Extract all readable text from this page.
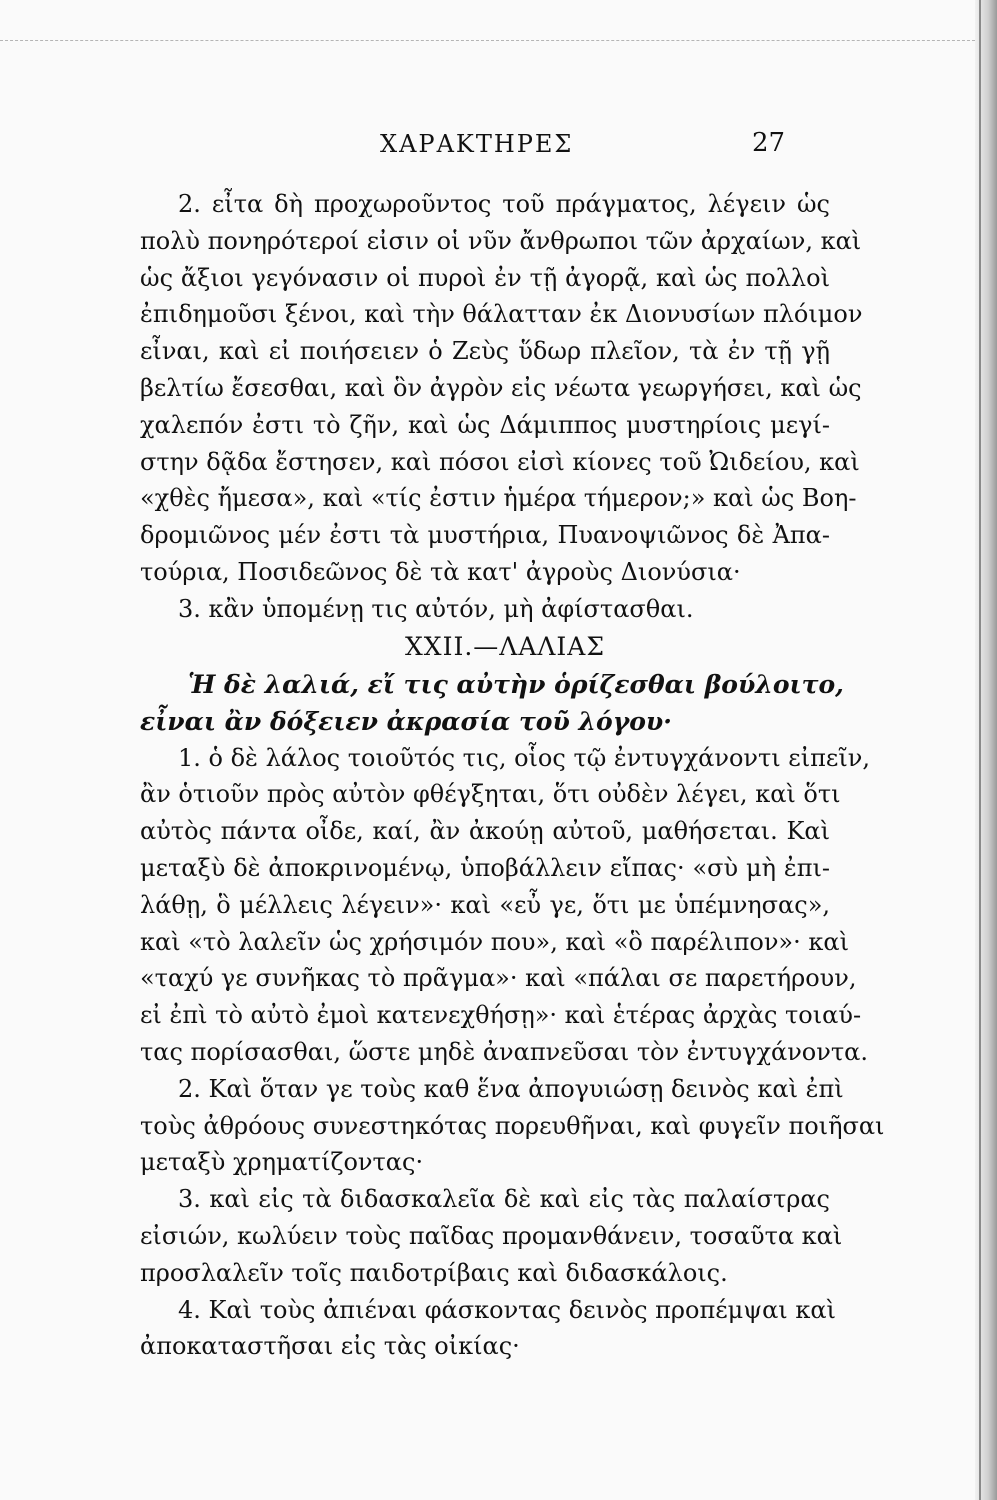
ΧΑΡΑΚΤΗΡΕΣ	27
2. εἶτα δὴ προχωροῦντος τοῦ πράγματος, λέγειν ὡς
πολὺ πονηρότεροί εἰσιν οἱ νῦν ἄνθρωποι τῶν ἀρχαίων, καὶ
ὡς ἄξιοι γεγόνασιν οἱ πυροὶ ἐν τῇ ἀγορᾷ, καὶ ὡς πολλοὶ
ἐπιδημοῦσι ξένοι, καὶ τὴν θάλατταν ἐκ Διονυσίων πλόιμον
εἶναι, καὶ εἰ ποιήσειεν ὁ Ζεὺς ὕδωρ πλεῖον, τὰ ἐν τῇ γῇ
βελτίω ἔσεσθαι, καὶ ὃν ἀγρὸν εἰς νέωτα γεωργήσει, καὶ ὡς
χαλεπόν ἐστι τὸ ζῆν, καὶ ὡς Δάμιππος μυστηρίοις μεγί-
στην δᾷδα ἔστησεν, καὶ πόσοι εἰσὶ κίονες τοῦ Ὠιδείου, καὶ
«χθὲς ἤμεσα», καὶ «τίς ἐστιν ἡμέρα τήμερον;» καὶ ὡς Βοη-
δρομιῶνος μέν ἐστι τὰ μυστήρια, Πυανοψιῶνος δὲ Ἀπα-
τούρια, Ποσιδεῶνος δὲ τὰ κατ' ἀγροὺς Διονύσια·
3. κἂν ὑπομένῃ τις αὐτόν, μὴ ἀφίστασθαι.
XXII.—ΛΑΛΙΑΣ
Ἡ δὲ λαλιά, εἴ τις αὐτὴν ὁρίζεσθαι βούλοιτο,
εἶναι ἂν δόξειεν ἀκρασία τοῦ λόγου·
1. ὁ δὲ λάλος τοιοῦτός τις, οἷος τῷ ἐντυγχάνοντι εἰπεῖν,
ἂν ὁτιοῦν πρὸς αὐτὸν φθέγξηται, ὅτι οὐδὲν λέγει, καὶ ὅτι
αὐτὸς πάντα οἶδε, καί, ἂν ἀκούῃ αὐτοῦ, μαθήσεται. Καὶ
μεταξὺ δὲ ἀποκρινομένῳ, ὑποβάλλειν εἴπας· «σὺ μὴ ἐπι-
λάθῃ, ὃ μέλλεις λέγειν»· καὶ «εὖ γε, ὅτι με ὑπέμνησας»,
καὶ «τὸ λαλεῖν ὡς χρήσιμόν που», καὶ «ὃ παρέλιπον»· καὶ
«ταχύ γε συνῆκας τὸ πρᾶγμα»· καὶ «πάλαι σε παρετήρουν,
εἰ ἐπὶ τὸ αὐτὸ ἐμοὶ κατενεχθήσῃ»· καὶ ἑτέρας ἀρχὰς τοιαύ-
τας πορίσασθαι, ὥστε μηδὲ ἀναπνεῦσαι τὸν ἐντυγχάνοντα.
2. Καὶ ὅταν γε τοὺς καθ ἕνα ἀπογυιώσῃ δεινὸς καὶ ἐπὶ
τοὺς ἀθρόους συνεστηκότας πορευθῆναι, καὶ φυγεῖν ποιῆσαι
μεταξὺ χρηματίζοντας·
3. καὶ εἰς τὰ διδασκαλεῖα δὲ καὶ εἰς τὰς παλαίστρας
εἰσιών, κωλύειν τοὺς παῖδας προμανθάνειν, τοσαῦτα καὶ
προσλαλεῖν τοῖς παιδοτρίβαις καὶ διδασκάλοις.
4. Καὶ τοὺς ἀπιέναι φάσκοντας δεινὸς προπέμψαι καὶ
ἀποκαταστῆσαι εἰς τὰς οἰκίας·
